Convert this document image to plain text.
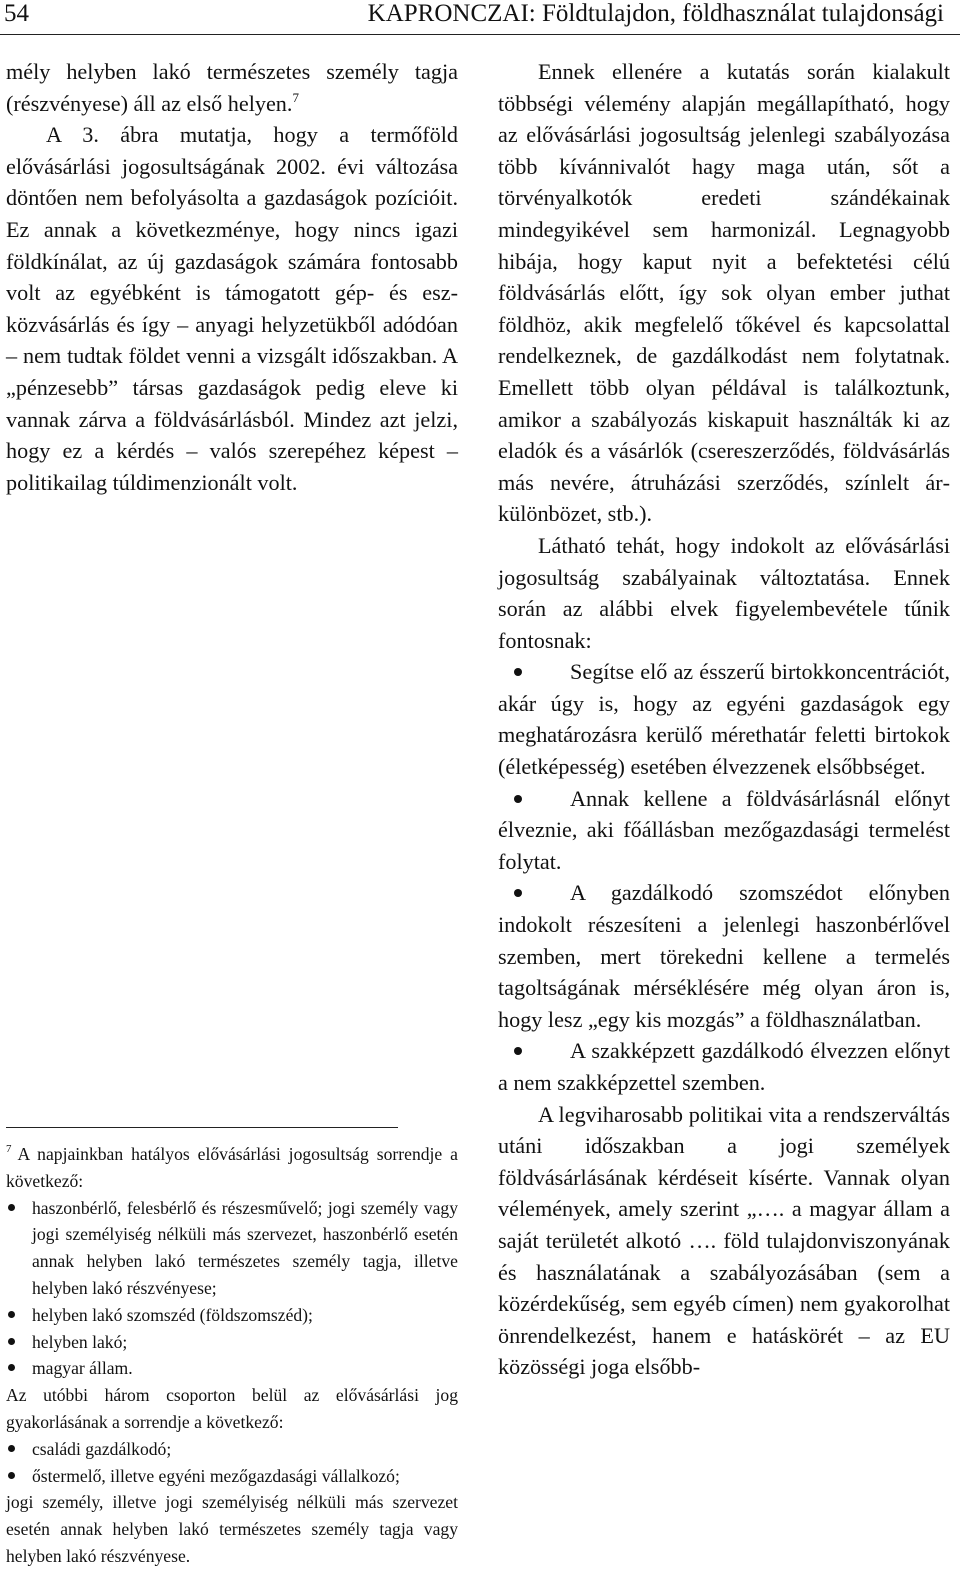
54	KAPRONCZAI: Földtulajdon, földhasználat tulajdonsági

mély helyben lakó természetes személy tagja (részvényese) áll az első helyen.$^7$

A 3. ábra mutatja, hogy a termőföld elővásárlási jogosultságának 2002. évi változása döntően nem befolyásolta a gazdaságok pozícióit. Ez annak a következménye, hogy nincs igazi földkínálat, az új gazdaságok számára fontosabb volt az egyébként is támogatott gép- és eszközvásárlás és így – anyagi helyzetükből adódóan – nem tudtak földet venni a vizsgált időszakban. A „pénzesebb” társas gazdaságok pedig eleve ki vannak zárva a földvásárlásból. Mindez azt jelzi, hogy ez a kérdés – valós szerepéhez képest – politikailag túldimenzionált volt.

$^7$ A napjainkban hatályos elővásárlási jogosultság sorrendje a következő:

haszonbérlő, felesbérlő és részesművelő; jogi személy vagy jogi személyiség nélküli más szervezet, haszonbérlő esetén annak helyben lakó természetes személy tagja, illetve helyben lakó részvényese;
helyben lakó szomszéd (földszomszéd);
helyben lakó;
magyar állam.

Az utóbbi három csoporton belül az elővásárlási jog gyakorlásának a sorrendje a következő:

családi gazdálkodó;
őstermelő, illetve egyéni mezőgazdasági vállalkozó;

jogi személy, illetve jogi személyiség nélküli más szervezet esetén annak helyben lakó természetes személy tagja vagy helyben lakó részvényese.

Ennek ellenére a kutatás során kialakult többségi vélemény alapján megállapítható, hogy az elővásárlási jogosultság jelenlegi szabályozása több kívánnivalót hagy maga után, sőt a törvényalkotók eredeti szándékainak mindegyikével sem harmonizál. Legnagyobb hibája, hogy kaput nyit a befektetési célú földvásárlás előtt, így sok olyan ember juthat földhöz, akik megfelelő tőkével és kapcsolattal rendelkeznek, de gazdálkodást nem folytatnak. Emellett több olyan példával is találkoztunk, amikor a szabályozás kiskapuit használták ki az eladók és a vásárlók (csereszerződés, földvásárlás más nevére, átruházási szerződés, színlelt árkülönbözet, stb.).

Látható tehát, hogy indokolt az elővásárlási jogosultság szabályainak változtatása. Ennek során az alábbi elvek figyelembevétele tűnik fontosnak:

Segítse elő az ésszerű birtokkoncentrációt, akár úgy is, hogy az egyéni gazdaságok egy meghatározásra kerülő mérethatár feletti birtokok (életképesség) esetében élvezzenek elsőbbséget.
Annak kellene a földvásárlásnál előnyt élveznie, aki főállásban mezőgazdasági termelést folytat.
A gazdálkodó szomszédot előnyben indokolt részesíteni a jelenlegi haszonbérlővel szemben, mert törekedni kellene a termelés tagoltságának mérséklésére még olyan áron is, hogy lesz „egy kis mozgás” a földhasználatban.
A szakképzett gazdálkodó élvezzen előnyt a nem szakképzettel szemben.

A legviharosabb politikai vita a rendszerváltás utáni időszakban a jogi személyek földvásárlásának kérdéseit kísérte. Vannak olyan vélemények, amely szerint „…. a magyar állam a saját területét alkotó …. föld tulajdonviszonyának és használatának a szabályozásában (sem a közérdekűség, sem egyéb címen) nem gyakorolhat önrendelkezést, hanem e hatáskörét – az EU közösségi joga elsőbb-
